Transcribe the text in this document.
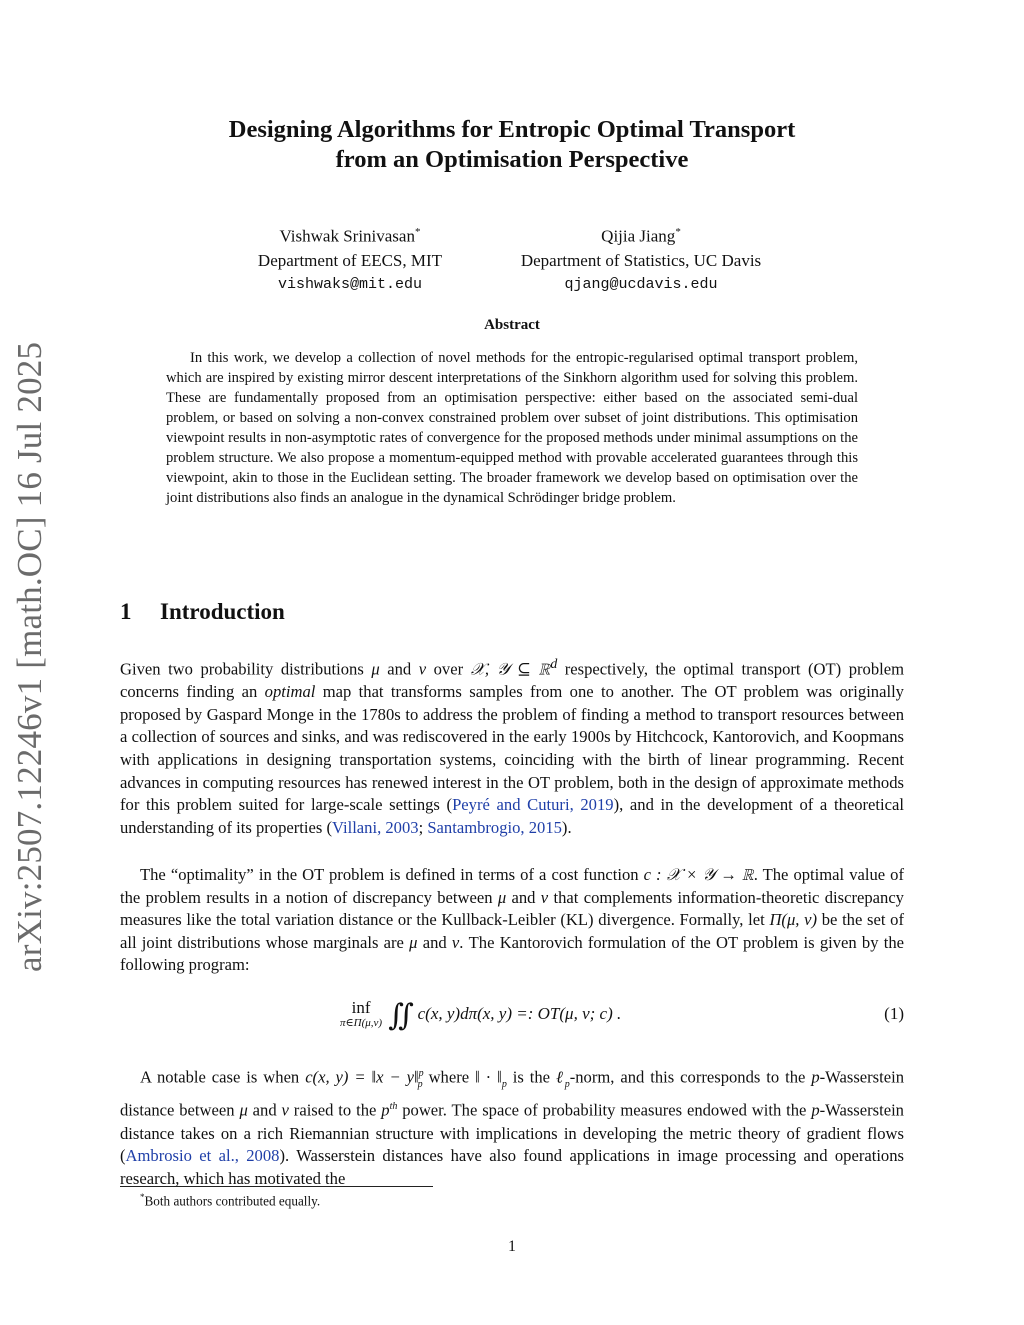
arXiv:2507.12246v1 [math.OC] 16 Jul 2025
Designing Algorithms for Entropic Optimal Transport
from an Optimisation Perspective
Vishwak Srinivasan*
Department of EECS, MIT
vishwaks@mit.edu
Qijia Jiang*
Department of Statistics, UC Davis
qjang@ucdavis.edu
Abstract
In this work, we develop a collection of novel methods for the entropic-regularised optimal transport problem, which are inspired by existing mirror descent interpretations of the Sinkhorn algorithm used for solving this problem. These are fundamentally proposed from an optimisation perspective: either based on the associated semi-dual problem, or based on solving a non-convex constrained problem over subset of joint distributions. This optimisation viewpoint results in non-asymptotic rates of convergence for the proposed methods under minimal assumptions on the problem structure. We also propose a momentum-equipped method with provable accelerated guarantees through this viewpoint, akin to those in the Euclidean setting. The broader framework we develop based on optimisation over the joint distributions also finds an analogue in the dynamical Schrödinger bridge problem.
1 Introduction
Given two probability distributions μ and ν over 𝒳, 𝒴 ⊆ ℝ$^d$ respectively, the optimal transport (OT) problem concerns finding an optimal map that transforms samples from one to another. The OT problem was originally proposed by Gaspard Monge in the 1780s to address the problem of finding a method to transport resources between a collection of sources and sinks, and was rediscovered in the early 1900s by Hitchcock, Kantorovich, and Koopmans with applications in designing transportation systems, coinciding with the birth of linear programming. Recent advances in computing resources has renewed interest in the OT problem, both in the design of approximate methods for this problem suited for large-scale settings (Peyré and Cuturi, 2019), and in the development of a theoretical understanding of its properties (Villani, 2003; Santambrogio, 2015).
The “optimality” in the OT problem is defined in terms of a cost function c : 𝒳 × 𝒴 → ℝ. The optimal value of the problem results in a notion of discrepancy between μ and ν that complements information-theoretic discrepancy measures like the total variation distance or the Kullback-Leibler (KL) divergence. Formally, let Π(μ, ν) be the set of all joint distributions whose marginals are μ and ν. The Kantorovich formulation of the OT problem is given by the following program:
inf
π∈Π(μ,ν) ∬ c(x, y)dπ(x, y) =: OT(μ, ν; c) .	(1)
A notable case is when c(x, y) = ‖x − y‖$^p_p$ where ‖ · $‖_p$ is the ℓ$_p$-norm, and this corresponds to the p-Wasserstein distance between μ and ν raised to the $p^{th}$ power. The space of probability measures endowed with the p-Wasserstein distance takes on a rich Riemannian structure with implications in developing the metric theory of gradient flows (Ambrosio et al., 2008). Wasserstein distances have also found applications in image processing and operations research, which has motivated the
*Both authors contributed equally.
1
